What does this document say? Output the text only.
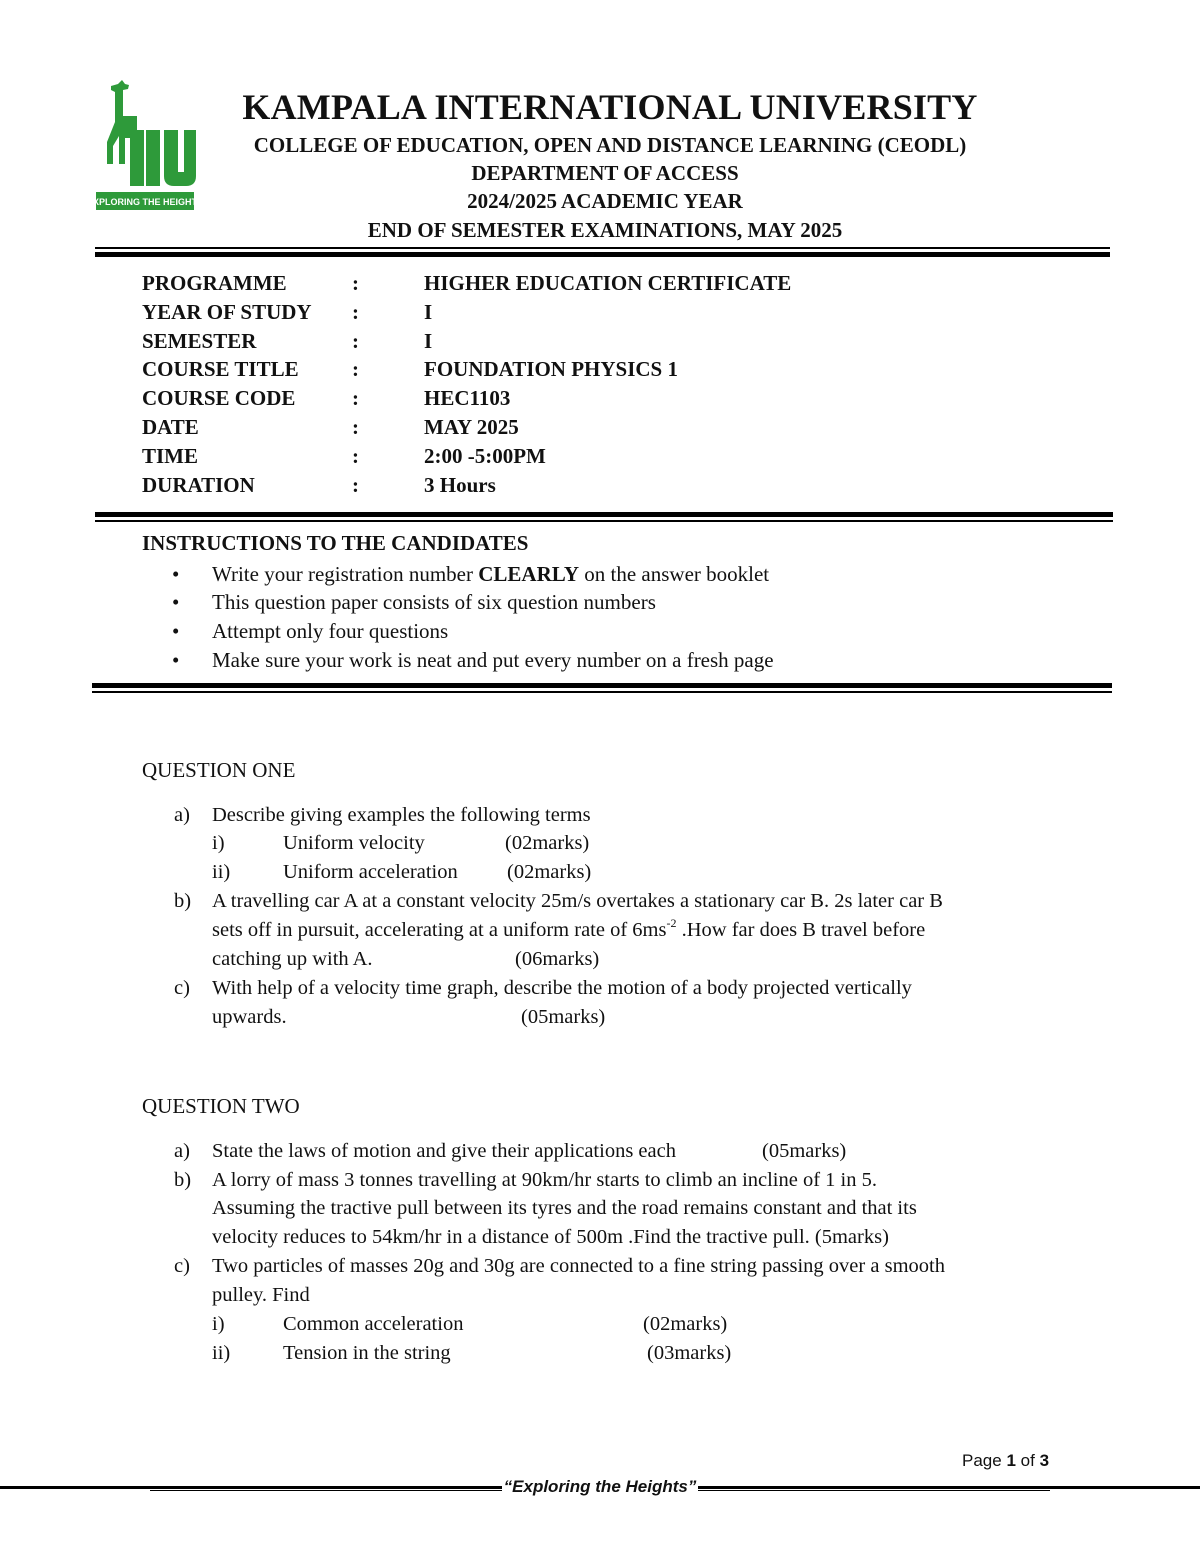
EXPLORING THE HEIGHTS
KAMPALA INTERNATIONAL UNIVERSITY
COLLEGE OF EDUCATION, OPEN AND DISTANCE LEARNING (CEODL)
DEPARTMENT OF ACCESS
2024/2025 ACADEMIC YEAR
END OF SEMESTER EXAMINATIONS, MAY 2025
PROGRAMME	:	HIGHER EDUCATION CERTIFICATE
YEAR OF STUDY :	I
SEMESTER	:	I
COURSE TITLE	:	FOUNDATION PHYSICS 1
COURSE CODE	:	HEC1103
DATE	:	MAY 2025
TIME	:	2:00 -5:00PM
DURATION	:	3 Hours
INSTRUCTIONS TO THE CANDIDATES
• Write your registration number CLEARLY on the answer booklet
• This question paper consists of six question numbers
• Attempt only four questions
• Make sure your work is neat and put every number on a fresh page
QUESTION ONE
a) Describe giving examples the following terms
i)	Uniform velocity	(02marks)
ii)	Uniform acceleration (02marks)
b) A travelling car A at a constant velocity 25m/s overtakes a stationary car B. 2s later car B
sets off in pursuit, accelerating at a uniform rate of $6ms^{-2}$ .How far does B travel before
catching up with A.	(06marks)
c) With help of a velocity time graph, describe the motion of a body projected vertically
upwards.	(05marks)
QUESTION TWO
a) State the laws of motion and give their applications each	(05marks)
b) A lorry of mass 3 tonnes travelling at 90km/hr starts to climb an incline of 1 in 5.
Assuming the tractive pull between its tyres and the road remains constant and that its
velocity reduces to 54km/hr in a distance of 500m .Find the tractive pull. (5marks)
c) Two particles of masses 20g and 30g are connected to a fine string passing over a smooth
pulley. Find
i)	Common acceleration	(02marks)
ii)	Tension in the string	(03marks)
Page 1 of 3
“Exploring the Heights”
